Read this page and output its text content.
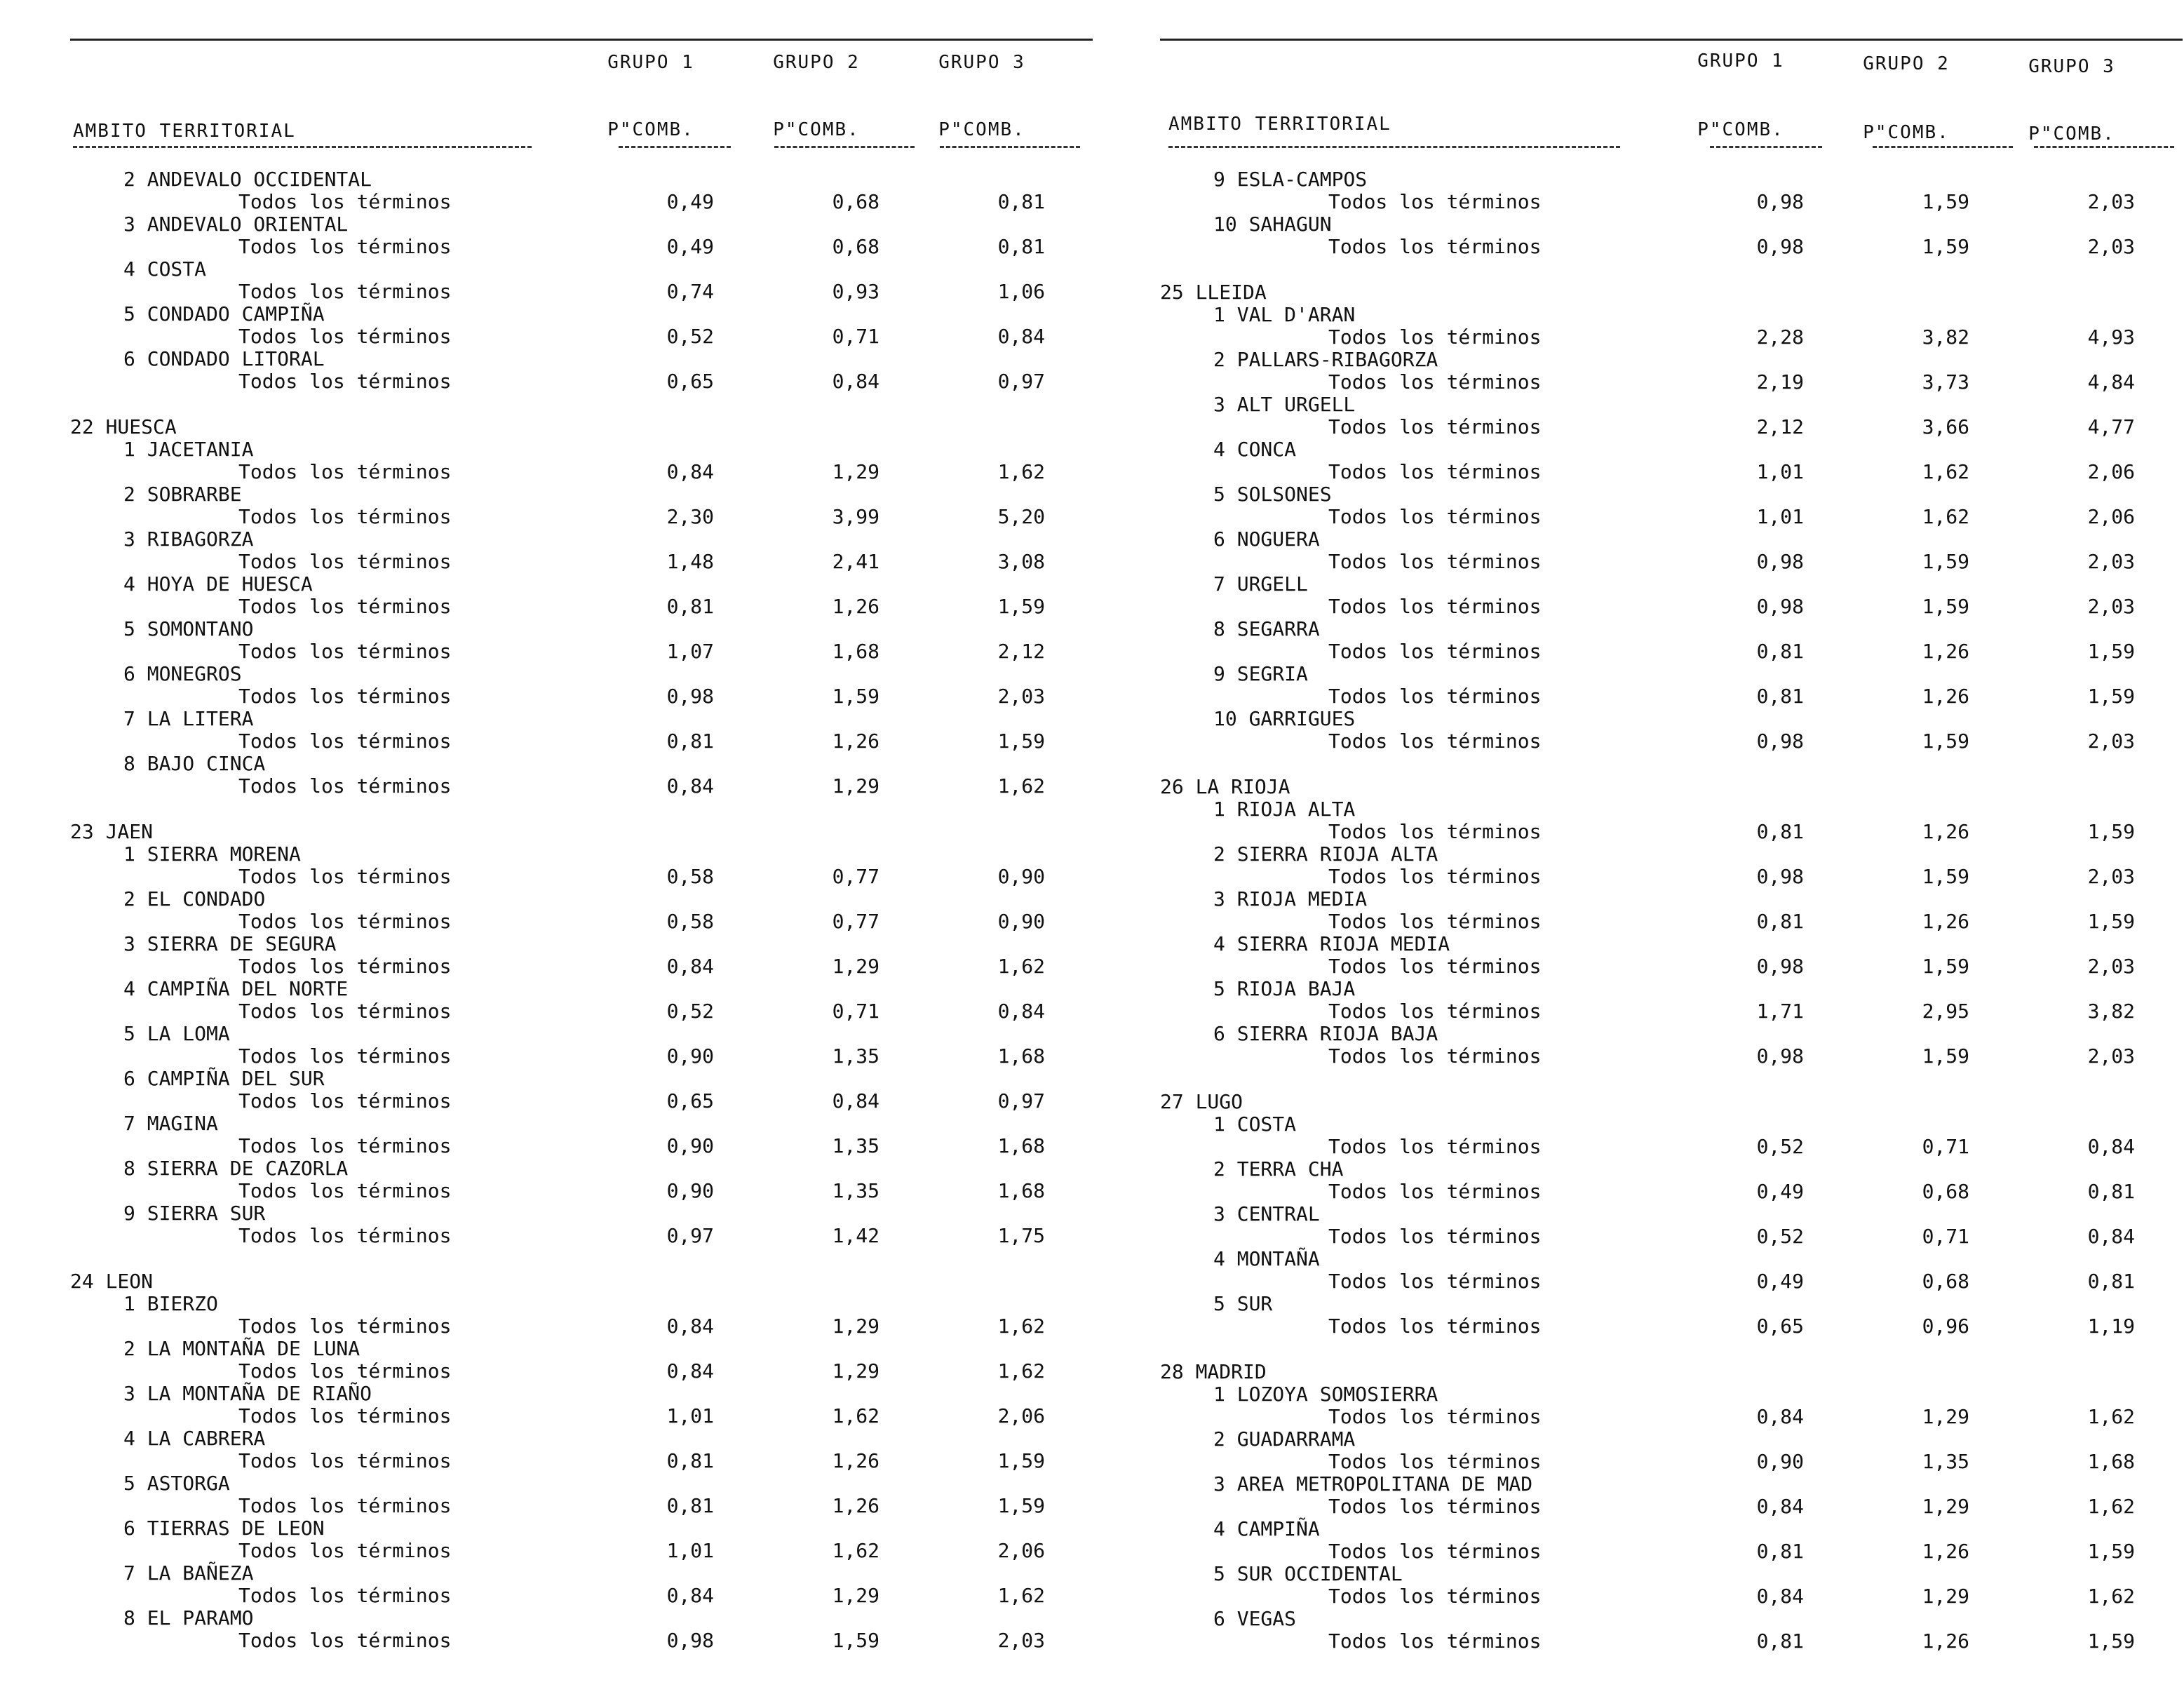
GRUPO 1	GRUPO 2	GRUPO 3
AMBITO TERRITORIAL	P"COMB.	P"COMB.	P"COMB.
2 ANDEVALO OCCIDENTAL
Todos los términos	0,49	0,68	0,81
3 ANDEVALO ORIENTAL
Todos los términos	0,49	0,68	0,81
4 COSTA
Todos los términos	0,74	0,93	1,06
5 CONDADO CAMPIÑA
Todos los términos	0,52	0,71	0,84
6 CONDADO LITORAL
Todos los términos	0,65	0,84	0,97
22 HUESCA
1 JACETANIA
Todos los términos	0,84	1,29	1,62
2 SOBRARBE
Todos los términos	2,30	3,99	5,20
3 RIBAGORZA
Todos los términos	1,48	2,41	3,08
4 HOYA DE HUESCA
Todos los términos	0,81	1,26	1,59
5 SOMONTANO
Todos los términos	1,07	1,68	2,12
6 MONEGROS
Todos los términos	0,98	1,59	2,03
7 LA LITERA
Todos los términos	0,81	1,26	1,59
8 BAJO CINCA
Todos los términos	0,84	1,29	1,62
23 JAEN
1 SIERRA MORENA
Todos los términos	0,58	0,77	0,90
2 EL CONDADO
Todos los términos	0,58	0,77	0,90
3 SIERRA DE SEGURA
Todos los términos	0,84	1,29	1,62
4 CAMPIÑA DEL NORTE
Todos los términos	0,52	0,71	0,84
5 LA LOMA
Todos los términos	0,90	1,35	1,68
6 CAMPIÑA DEL SUR
Todos los términos	0,65	0,84	0,97
7 MAGINA
Todos los términos	0,90	1,35	1,68
8 SIERRA DE CAZORLA
Todos los términos	0,90	1,35	1,68
9 SIERRA SUR
Todos los términos	0,97	1,42	1,75
24 LEON
1 BIERZO
Todos los términos	0,84	1,29	1,62
2 LA MONTAÑA DE LUNA
Todos los términos	0,84	1,29	1,62
3 LA MONTAÑA DE RIAÑO
Todos los términos	1,01	1,62	2,06
4 LA CABRERA
Todos los términos	0,81	1,26	1,59
5 ASTORGA
Todos los términos	0,81	1,26	1,59
6 TIERRAS DE LEON
Todos los términos	1,01	1,62	2,06
7 LA BAÑEZA
Todos los términos	0,84	1,29	1,62
8 EL PARAMO
Todos los términos	0,98	1,59	2,03
GRUPO 1	GRUPO 2	GRUPO 3
AMBITO TERRITORIAL	P"COMB.	P"COMB.	P"COMB.
9 ESLA-CAMPOS
Todos los términos	0,98	1,59	2,03
10 SAHAGUN
Todos los términos	0,98	1,59	2,03
25 LLEIDA
1 VAL D'ARAN
Todos los términos	2,28	3,82	4,93
2 PALLARS-RIBAGORZA
Todos los términos	2,19	3,73	4,84
3 ALT URGELL
Todos los términos	2,12	3,66	4,77
4 CONCA
Todos los términos	1,01	1,62	2,06
5 SOLSONES
Todos los términos	1,01	1,62	2,06
6 NOGUERA
Todos los términos	0,98	1,59	2,03
7 URGELL
Todos los términos	0,98	1,59	2,03
8 SEGARRA
Todos los términos	0,81	1,26	1,59
9 SEGRIA
Todos los términos	0,81	1,26	1,59
10 GARRIGUES
Todos los términos	0,98	1,59	2,03
26 LA RIOJA
1 RIOJA ALTA
Todos los términos	0,81	1,26	1,59
2 SIERRA RIOJA ALTA
Todos los términos	0,98	1,59	2,03
3 RIOJA MEDIA
Todos los términos	0,81	1,26	1,59
4 SIERRA RIOJA MEDIA
Todos los términos	0,98	1,59	2,03
5 RIOJA BAJA
Todos los términos	1,71	2,95	3,82
6 SIERRA RIOJA BAJA
Todos los términos	0,98	1,59	2,03
27 LUGO
1 COSTA
Todos los términos	0,52	0,71	0,84
2 TERRA CHA
Todos los términos	0,49	0,68	0,81
3 CENTRAL
Todos los términos	0,52	0,71	0,84
4 MONTAÑA
Todos los términos	0,49	0,68	0,81
5 SUR
Todos los términos	0,65	0,96	1,19
28 MADRID
1 LOZOYA SOMOSIERRA
Todos los términos	0,84	1,29	1,62
2 GUADARRAMA
Todos los términos	0,90	1,35	1,68
3 AREA METROPOLITANA DE MAD
Todos los términos	0,84	1,29	1,62
4 CAMPIÑA
Todos los términos	0,81	1,26	1,59
5 SUR OCCIDENTAL
Todos los términos	0,84	1,29	1,62
6 VEGAS
Todos los términos	0,81	1,26	1,59
